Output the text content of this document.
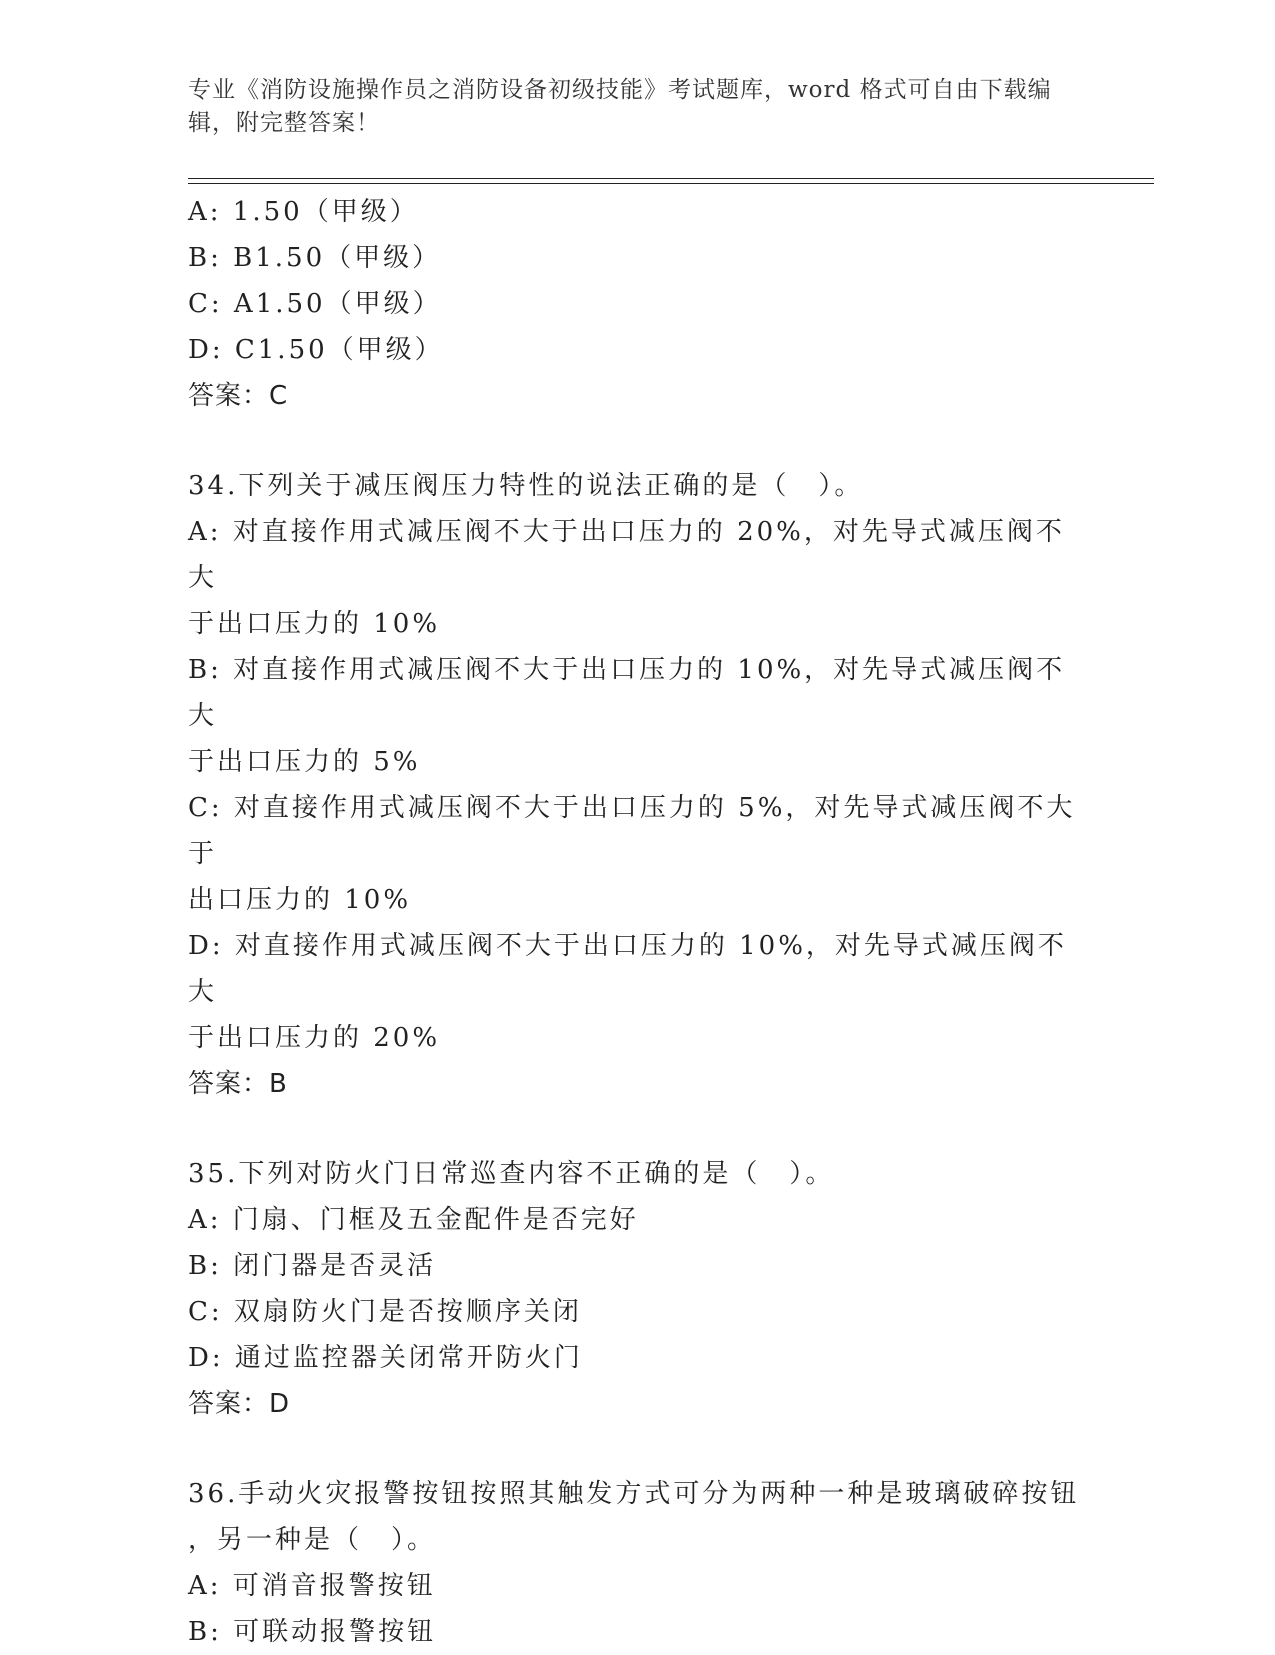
专业《消防设施操作员之消防设备初级技能》考试题库，word 格式可自由下载编
辑，附完整答案！

A: 1.50（甲级）

B: B1.50（甲级）

C: A1.50（甲级）

D: C1.50（甲级）

答案：C

34.下列关于减压阀压力特性的说法正确的是（　）。

A: 对直接作用式减压阀不大于出口压力的 20%，对先导式减压阀不大

于出口压力的 10%

B: 对直接作用式减压阀不大于出口压力的 10%，对先导式减压阀不大

于出口压力的 5%

C: 对直接作用式减压阀不大于出口压力的 5%，对先导式减压阀不大于

出口压力的 10%

D: 对直接作用式减压阀不大于出口压力的 10%，对先导式减压阀不大

于出口压力的 20%

答案：B

35.下列对防火门日常巡查内容不正确的是（　）。

A: 门扇、门框及五金配件是否完好

B: 闭门器是否灵活

C: 双扇防火门是否按顺序关闭

D: 通过监控器关闭常开防火门

答案：D

36.手动火灾报警按钮按照其触发方式可分为两种一种是玻璃破碎按钮

，另一种是（　）。

A: 可消音报警按钮

B: 可联动报警按钮
